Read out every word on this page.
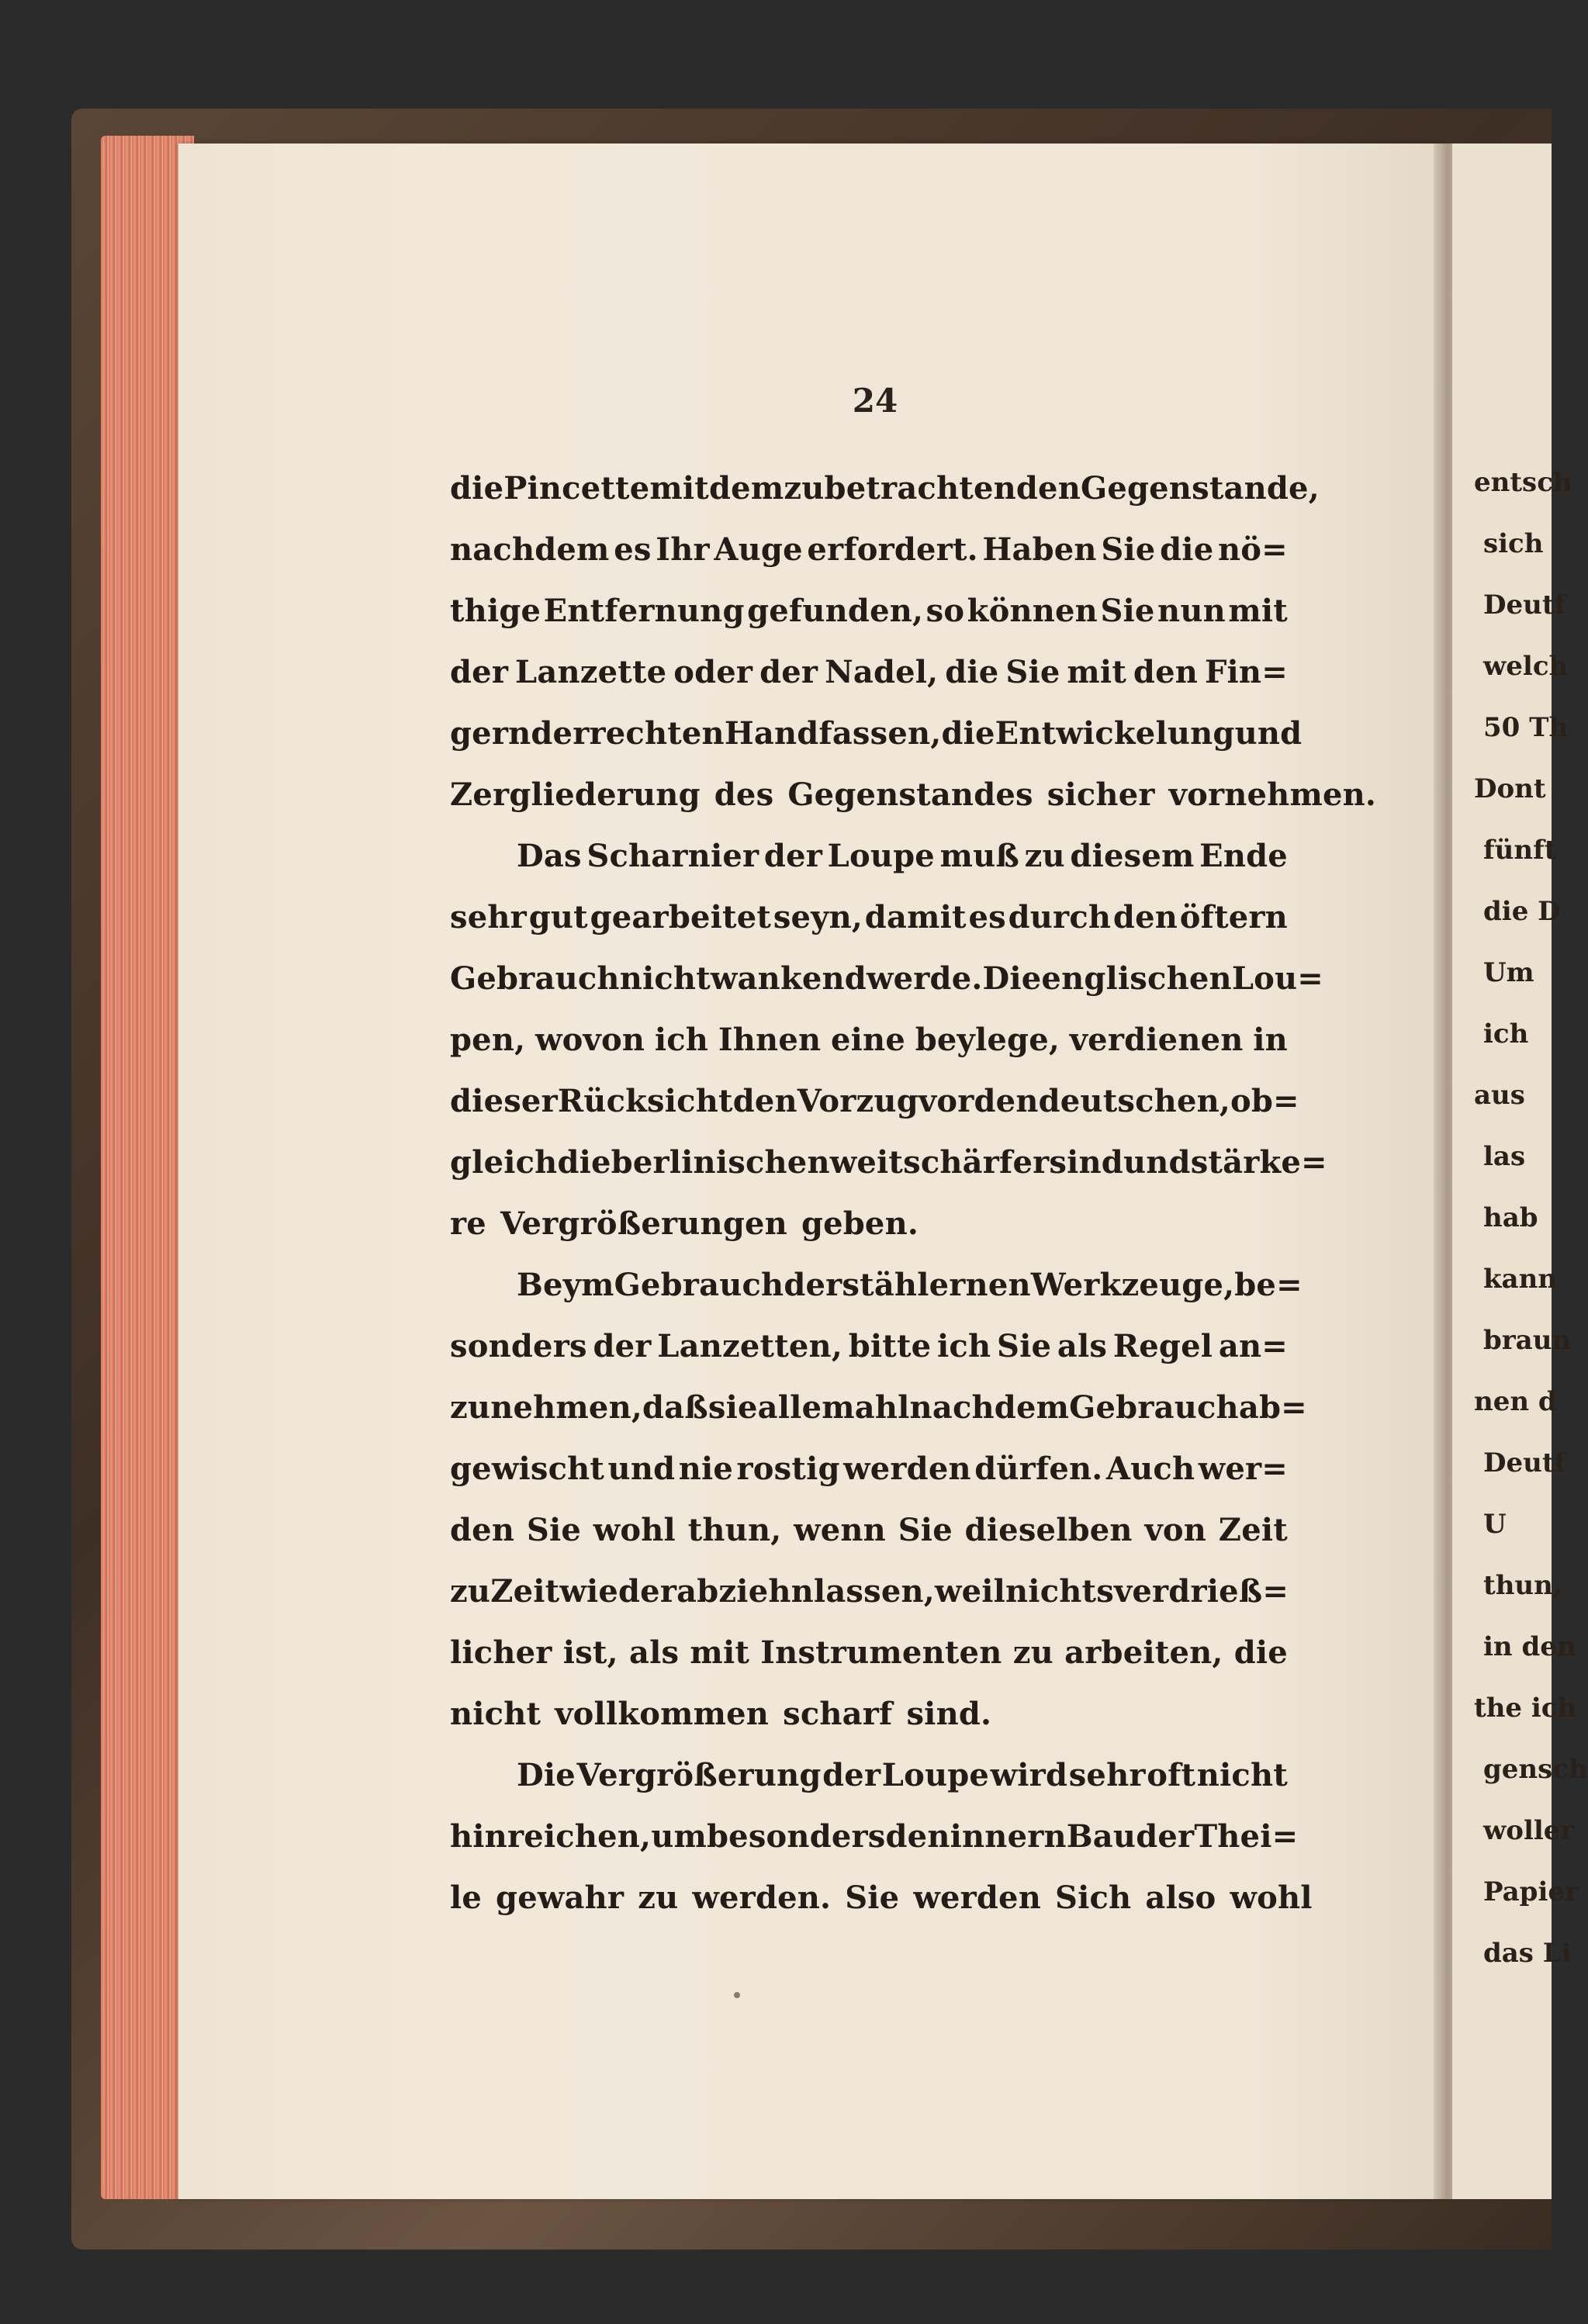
entsch
sich
Deutf
welch
50 Th
Dont
fünft
die D
Um
ich
aus
las
hab
kann
braun
nen d
Deutf
U
thun,
in den
the ich
gensch
woller
Papier
das Li
24
die Pincette mit dem zu betrachtenden Gegenstande,
nachdem es Ihr Auge erfordert. Haben Sie die nö=
thige Entfernung gefunden, so können Sie nun mit
der Lanzette oder der Nadel, die Sie mit den Fin=
gern der rechten Hand fassen, die Entwickelung und
Zergliederung des Gegenstandes sicher vornehmen.
Das Scharnier der Loupe muß zu diesem Ende
sehr gut gearbeitet seyn, damit es durch den öftern
Gebrauch nicht wankend werde. Die englischen Lou=
pen, wovon ich Ihnen eine beylege, verdienen in
dieser Rücksicht den Vorzug vor den deutschen, ob=
gleich die berlinischen weit schärfer sind und stärke=
re Vergrößerungen geben.
Beym Gebrauch der stählernen Werkzeuge, be=
sonders der Lanzetten, bitte ich Sie als Regel an=
zunehmen, daß sie allemahl nach dem Gebrauch ab=
gewischt und nie rostig werden dürfen. Auch wer=
den Sie wohl thun, wenn Sie dieselben von Zeit
zu Zeit wieder abziehn lassen, weil nichts verdrieß=
licher ist, als mit Instrumenten zu arbeiten, die
nicht vollkommen scharf sind.
Die Vergrößerung der Loupe wird sehr oft nicht
hinreichen, um besonders den innern Bau der Thei=
le gewahr zu werden. Sie werden Sich also wohl
